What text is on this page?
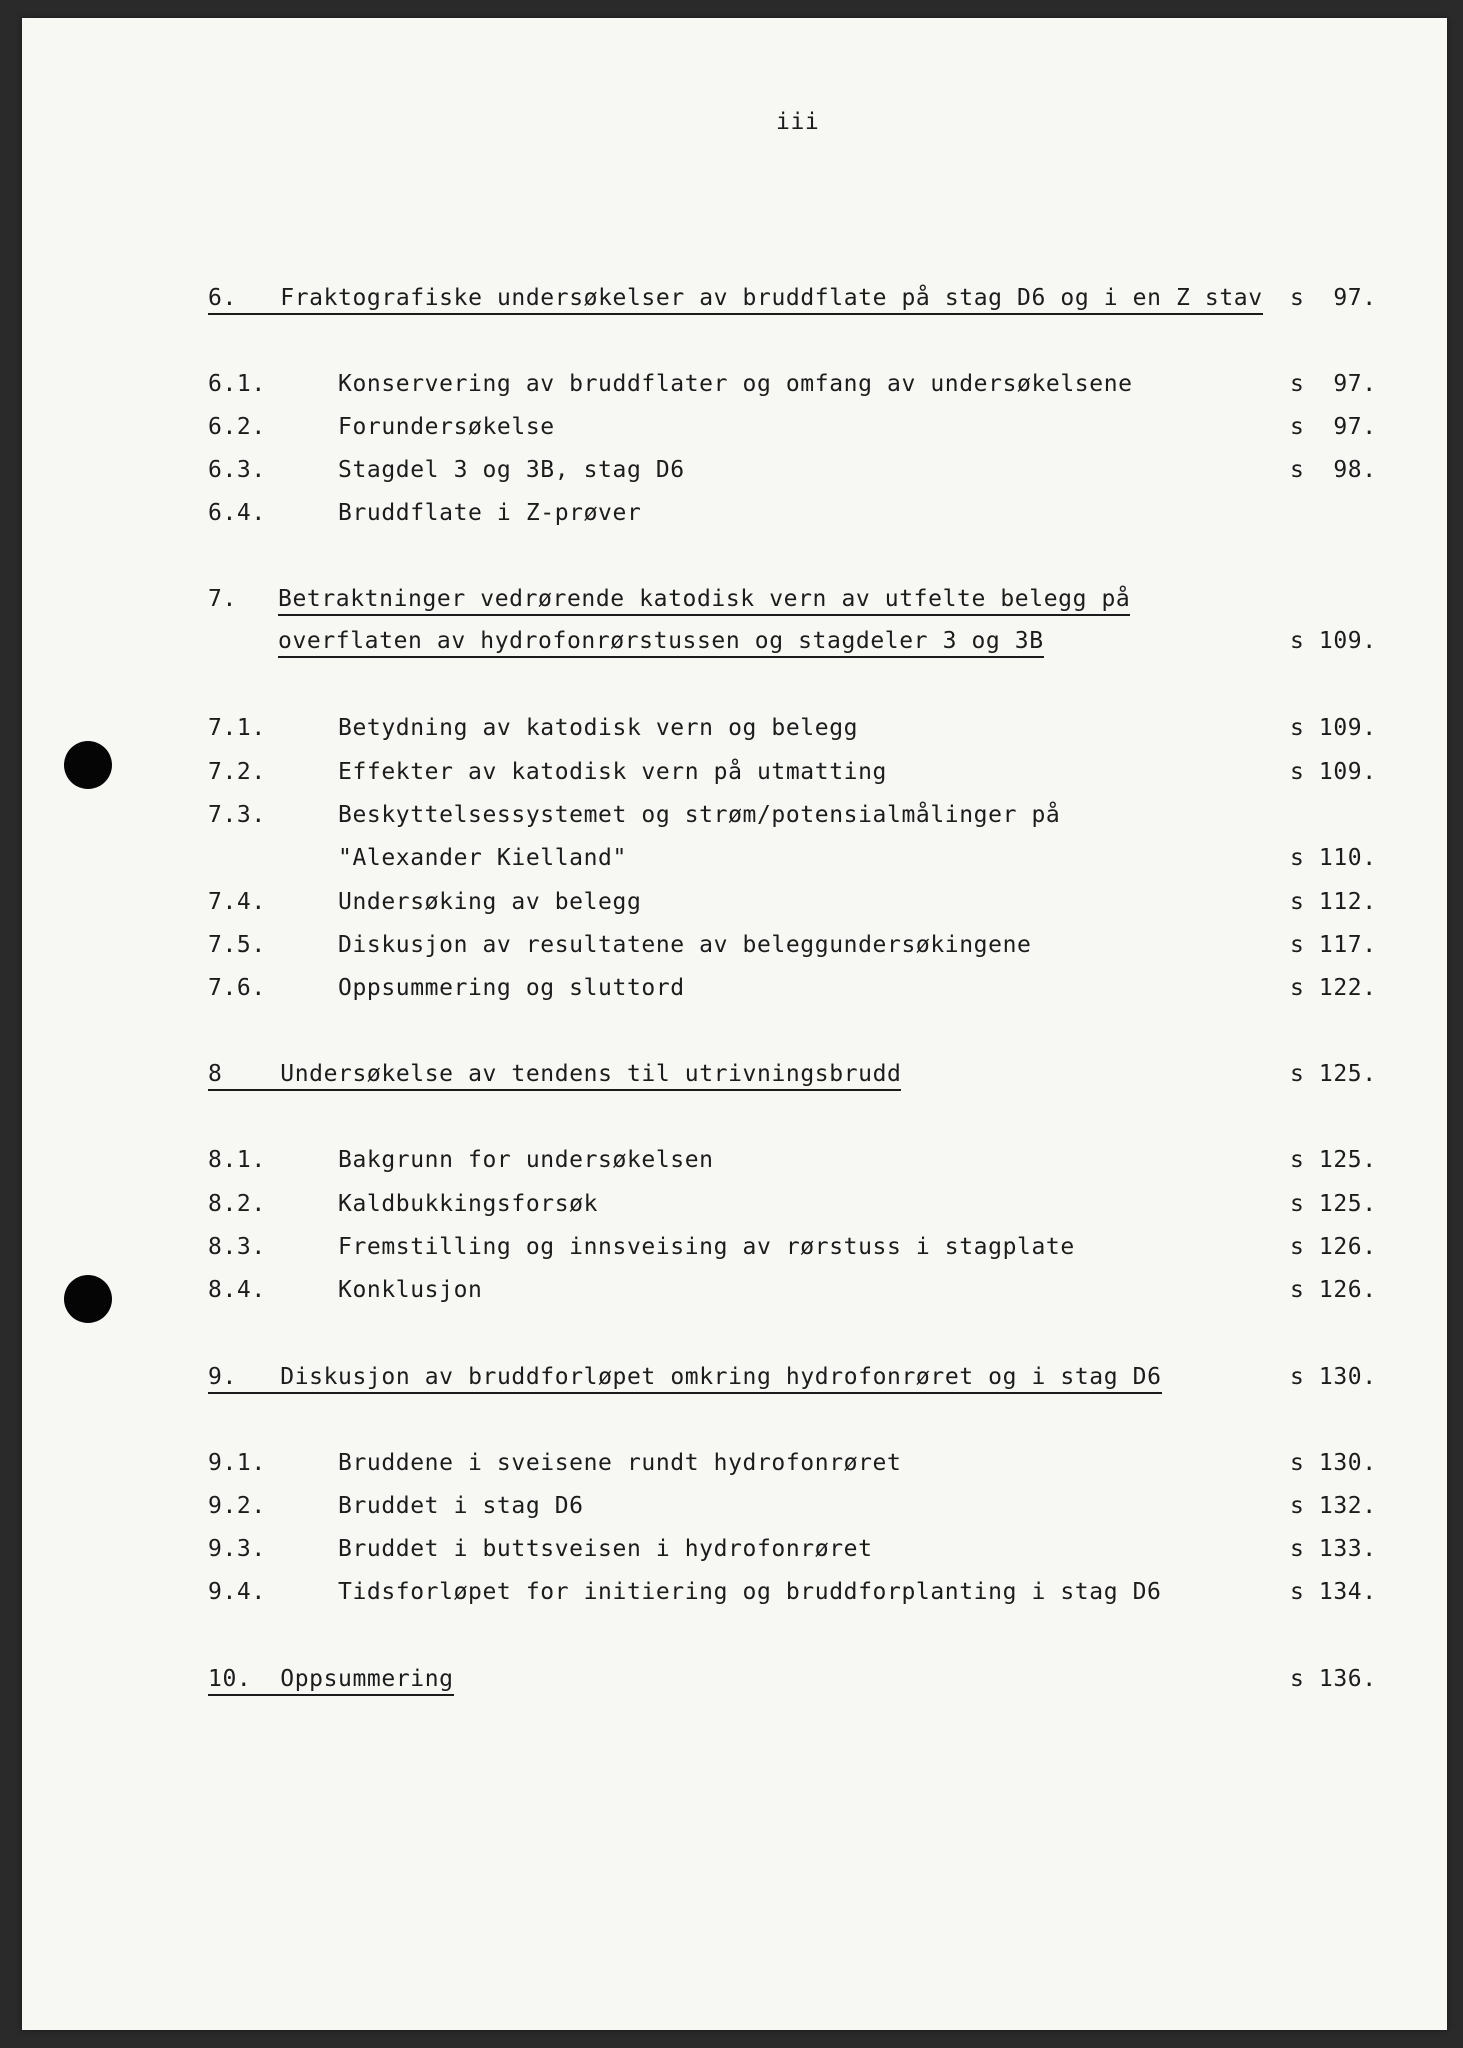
iii
6. Fraktografiske undersøkelser av bruddflate på stag D6 og i en Z stav s  97.
6.1.	Konservering av bruddflater og omfang av undersøkelsene	s  97.
6.2.	Forundersøkelse	s  97.
6.3.	Stagdel 3 og 3B, stag D6	s  98.
6.4.	Bruddflate i Z-prøver
7. Betraktninger vedrørende katodisk vern av utfelte belegg på
overflaten av hydrofonrørstussen og stagdeler 3 og 3B	s 109.
7.1.	Betydning av katodisk vern og belegg	s 109.
7.2.	Effekter av katodisk vern på utmatting	s 109.
7.3.	Beskyttelsessystemet og strøm/potensialmålinger på
"Alexander Kielland"	s 110.
7.4.	Undersøking av belegg	s 112.
7.5.	Diskusjon av resultatene av beleggundersøkingene	s 117.
7.6.	Oppsummering og sluttord	s 122.
8	Undersøkelse av tendens til utrivningsbrudd	s 125.
8.1.	Bakgrunn for undersøkelsen	s 125.
8.2.	Kaldbukkingsforsøk	s 125.
8.3.	Fremstilling og innsveising av rørstuss i stagplate	s 126.
8.4.	Konklusjon	s 126.
9. Diskusjon av bruddforløpet omkring hydrofonrøret og i stag D6	s 130.
9.1.	Bruddene i sveisene rundt hydrofonrøret	s 130.
9.2.	Bruddet i stag D6	s 132.
9.3.	Bruddet i buttsveisen i hydrofonrøret	s 133.
9.4.	Tidsforløpet for initiering og bruddforplanting i stag D6	s 134.
10. Oppsummering	s 136.
